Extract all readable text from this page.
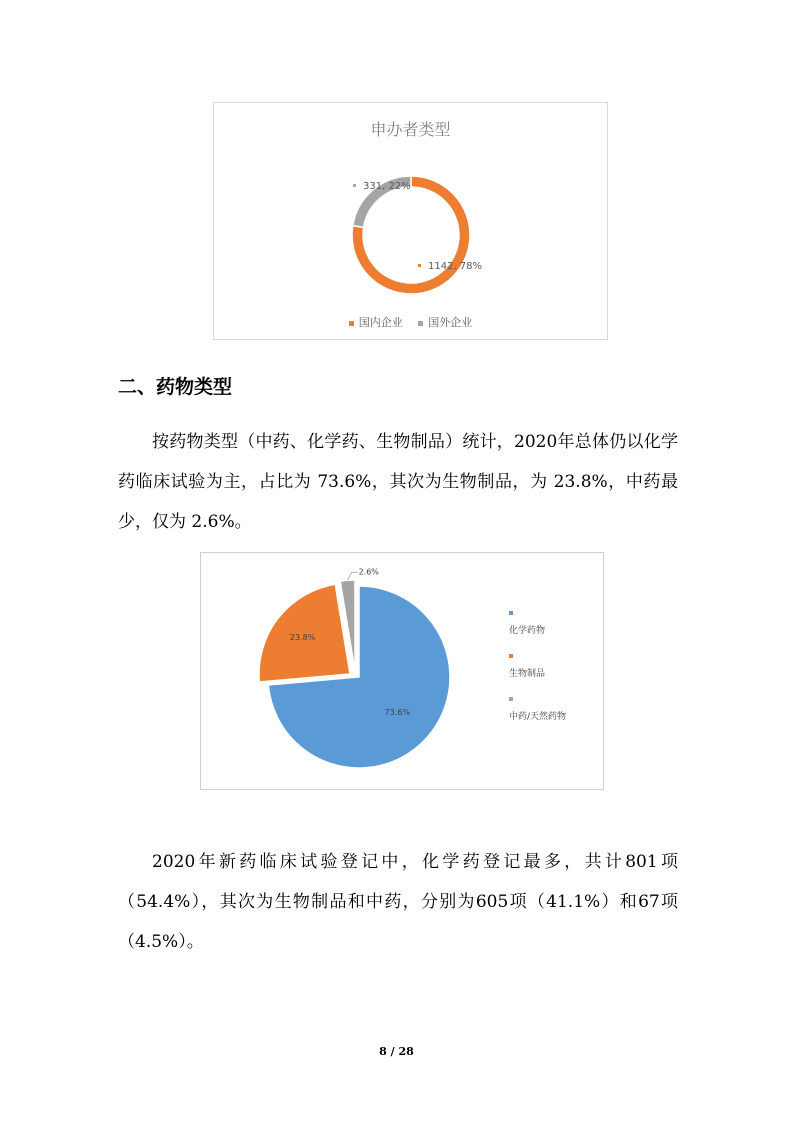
申办者类型
1142, 78%
331, 22%
国内企业 国外企业
二、药物类型

按药物类型（中药、化学药、生物制品）统计，2020年总体仍以化学药临床试验为主，占比为 73.6%，其次为生物制品，为 23.8%，中药最少，仅为 2.6%。

73.6%
23.8%
2.6%
化学药物
生物制品
中药/天然药物

2020年新药临床试验登记中，化学药登记最多，共计801项（54.4%），其次为生物制品和中药，分别为605项（41.1%）和67项（4.5%）。

8 / 28
